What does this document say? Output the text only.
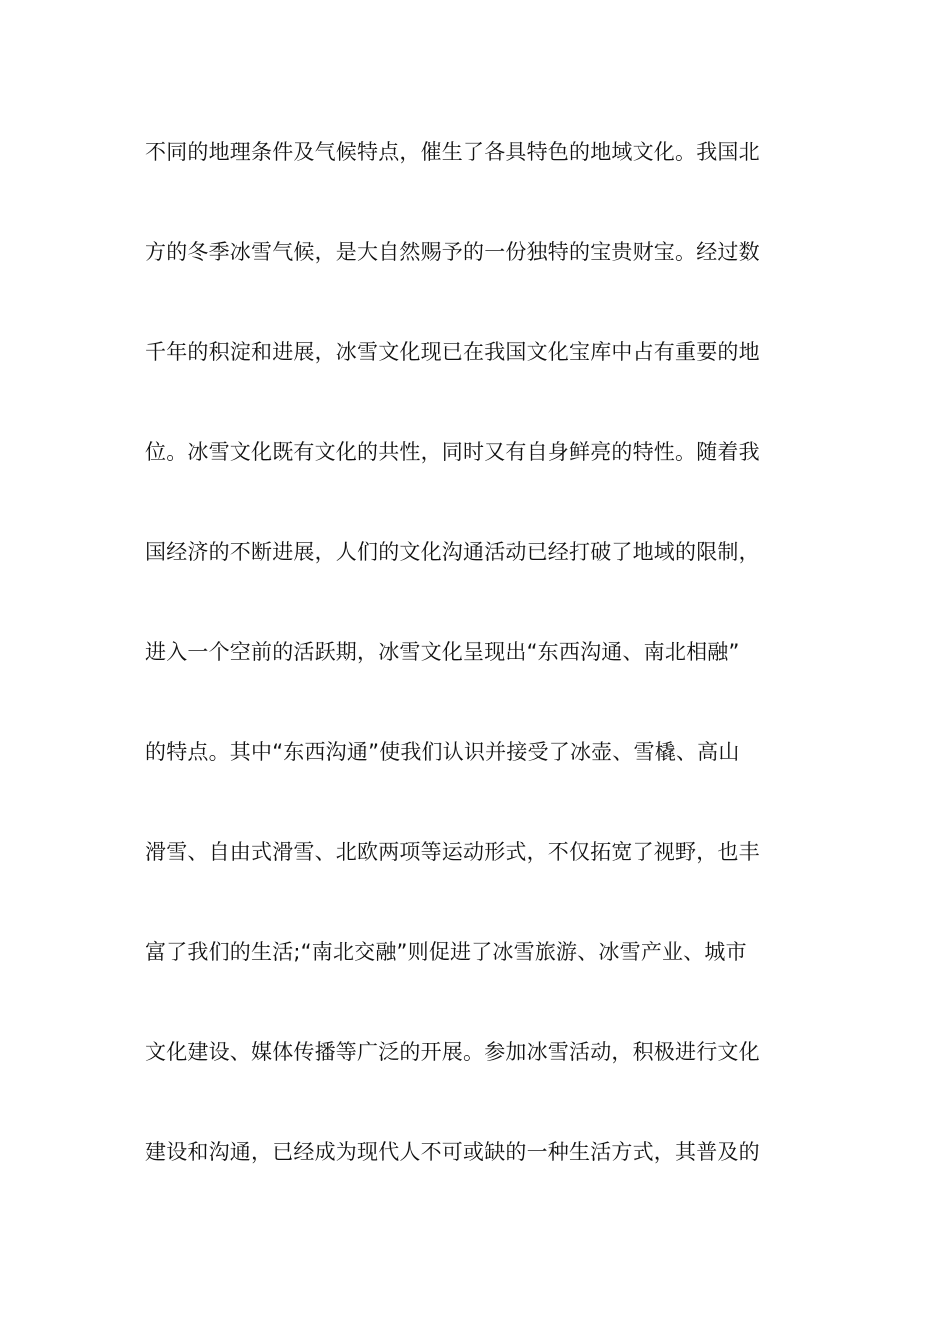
不同的地理条件及气候特点，催生了各具特色的地域文化。我国北
方的冬季冰雪气候，是大自然赐予的一份独特的宝贵财宝。经过数
千年的积淀和进展，冰雪文化现已在我国文化宝库中占有重要的地
位。冰雪文化既有文化的共性，同时又有自身鲜亮的特性。随着我
国经济的不断进展，人们的文化沟通活动已经打破了地域的限制，
进入一个空前的活跃期，冰雪文化呈现出“东西沟通、南北相融”
的特点。其中“东西沟通”使我们认识并接受了冰壶、雪橇、高山
滑雪、自由式滑雪、北欧两项等运动形式，不仅拓宽了视野，也丰
富了我们的生活;“南北交融”则促进了冰雪旅游、冰雪产业、城市
文化建设、媒体传播等广泛的开展。参加冰雪活动，积极进行文化
建设和沟通，已经成为现代人不可或缺的一种生活方式，其普及的
